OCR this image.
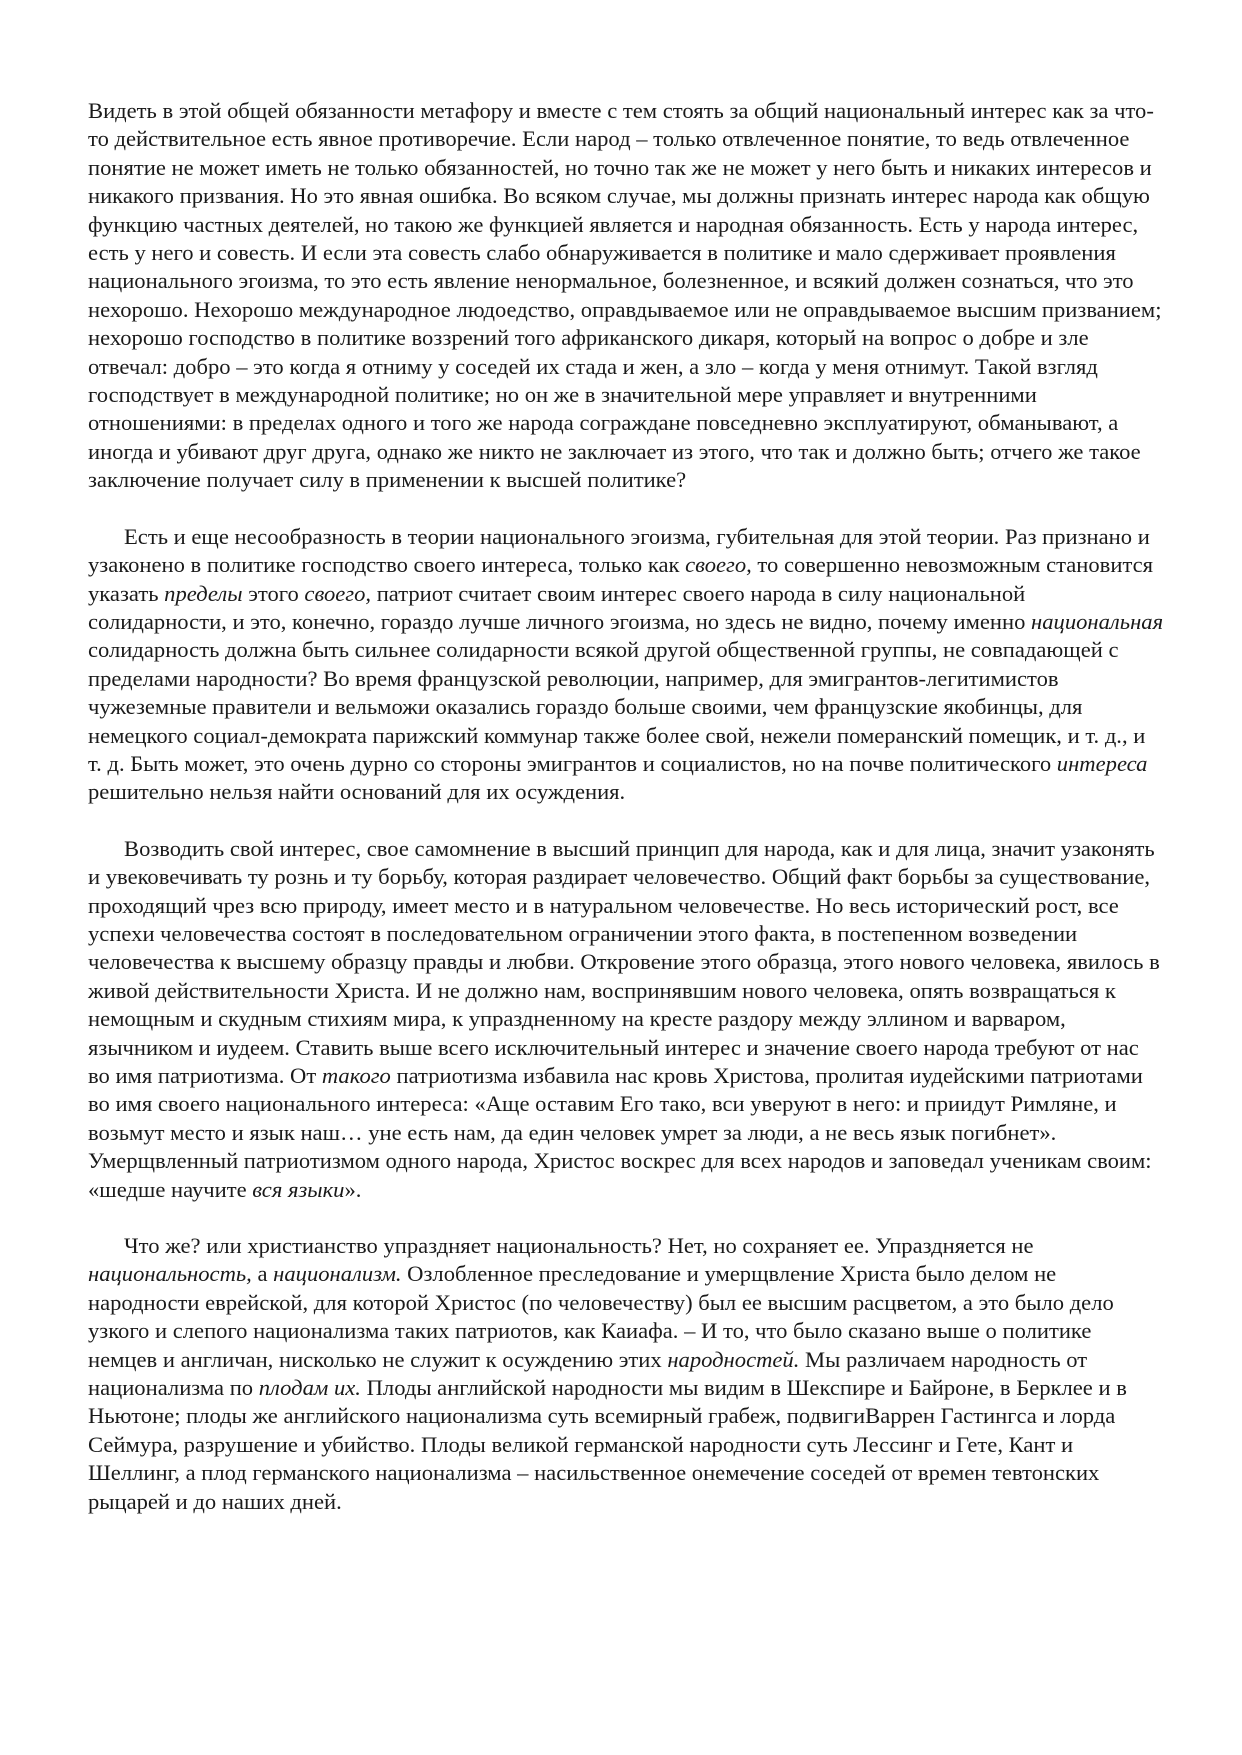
Видеть в этой общей обязанности метафору и вместе с тем стоять за общий национальный интерес как за что-то действительное есть явное противоречие. Если народ – только отвлеченное понятие, то ведь отвлеченное понятие не может иметь не только обязанностей, но точно так же не может у него быть и никаких интересов и никакого призвания. Но это явная ошибка. Во всяком случае, мы должны признать интерес народа как общую функцию частных деятелей, но такою же функцией является и народная обязанность. Есть у народа интерес, есть у него и совесть. И если эта совесть слабо обнаруживается в политике и мало сдерживает проявления национального эгоизма, то это есть явление ненормальное, болезненное, и всякий должен сознаться, что это нехорошо. Нехорошо международное людоедство, оправдываемое или не оправдываемое высшим призванием; нехорошо господство в политике воззрений того африканского дикаря, который на вопрос о добре и зле отвечал: добро – это когда я отниму у соседей их стада и жен, а зло – когда у меня отнимут. Такой взгляд господствует в международной политике; но он же в значительной мере управляет и внутренними отношениями: в пределах одного и того же народа сограждане повседневно эксплуатируют, обманывают, а иногда и убивают друг друга, однако же никто не заключает из этого, что так и должно быть; отчего же такое заключение получает силу в применении к высшей политике?

Есть и еще несообразность в теории национального эгоизма, губительная для этой теории. Раз признано и узаконено в политике господство своего интереса, только как своего, то совершенно невозможным становится указать пределы этого своего, патриот считает своим интерес своего народа в силу национальной солидарности, и это, конечно, гораздо лучше личного эгоизма, но здесь не видно, почему именно национальная солидарность должна быть сильнее солидарности всякой другой общественной группы, не совпадающей с пределами народности? Во время французской революции, например, для эмигрантов-легитимистов чужеземные правители и вельможи оказались гораздо больше своими, чем французские якобинцы, для немецкого социал-демократа парижский коммунар также более свой, нежели померанский помещик, и т. д., и т. д. Быть может, это очень дурно со стороны эмигрантов и социалистов, но на почве политического интереса решительно нельзя найти оснований для их осуждения.

Возводить свой интерес, свое самомнение в высший принцип для народа, как и для лица, значит узаконять и увековечивать ту рознь и ту борьбу, которая раздирает человечество. Общий факт борьбы за существование, проходящий чрез всю природу, имеет место и в натуральном человечестве. Но весь исторический рост, все успехи человечества состоят в последовательном ограничении этого факта, в постепенном возведении человечества к высшему образцу правды и любви. Откровение этого образца, этого нового человека, явилось в живой действительности Христа. И не должно нам, воспринявшим нового человека, опять возвращаться к немощным и скудным стихиям мира, к упраздненному на кресте раздору между эллином и варваром, язычником и иудеем. Ставить выше всего исключительный интерес и значение своего народа требуют от нас во имя патриотизма. От такого патриотизма избавила нас кровь Христова, пролитая иудейскими патриотами во имя своего национального интереса: «Аще оставим Его тако, вси уверуют в него: и приидут Римляне, и возьмут место и язык наш… уне есть нам, да един человек умрет за люди, а не весь язык погибнет». Умерщвленный патриотизмом одного народа, Христос воскрес для всех народов и заповедал ученикам своим: «шедше научите вся языки».

Что же? или христианство упраздняет национальность? Нет, но сохраняет ее. Упраздняется не национальность, а национализм. Озлобленное преследование и умерщвление Христа было делом не народности еврейской, для которой Христос (по человечеству) был ее высшим расцветом, а это было дело узкого и слепого национализма таких патриотов, как Каиафа. – И то, что было сказано выше о политике немцев и англичан, нисколько не служит к осуждению этих народностей. Мы различаем народность от национализма по плодам их. Плоды английской народности мы видим в Шекспире и Байроне, в Берклее и в Ньютоне; плоды же английского национализма суть всемирный грабеж, подвигиВаррен Гастингса и лорда Сеймура, разрушение и убийство. Плоды великой германской народности суть Лессинг и Гете, Кант и Шеллинг, а плод германского национализма – насильственное онемечение соседей от времен тевтонских рыцарей и до наших дней.
